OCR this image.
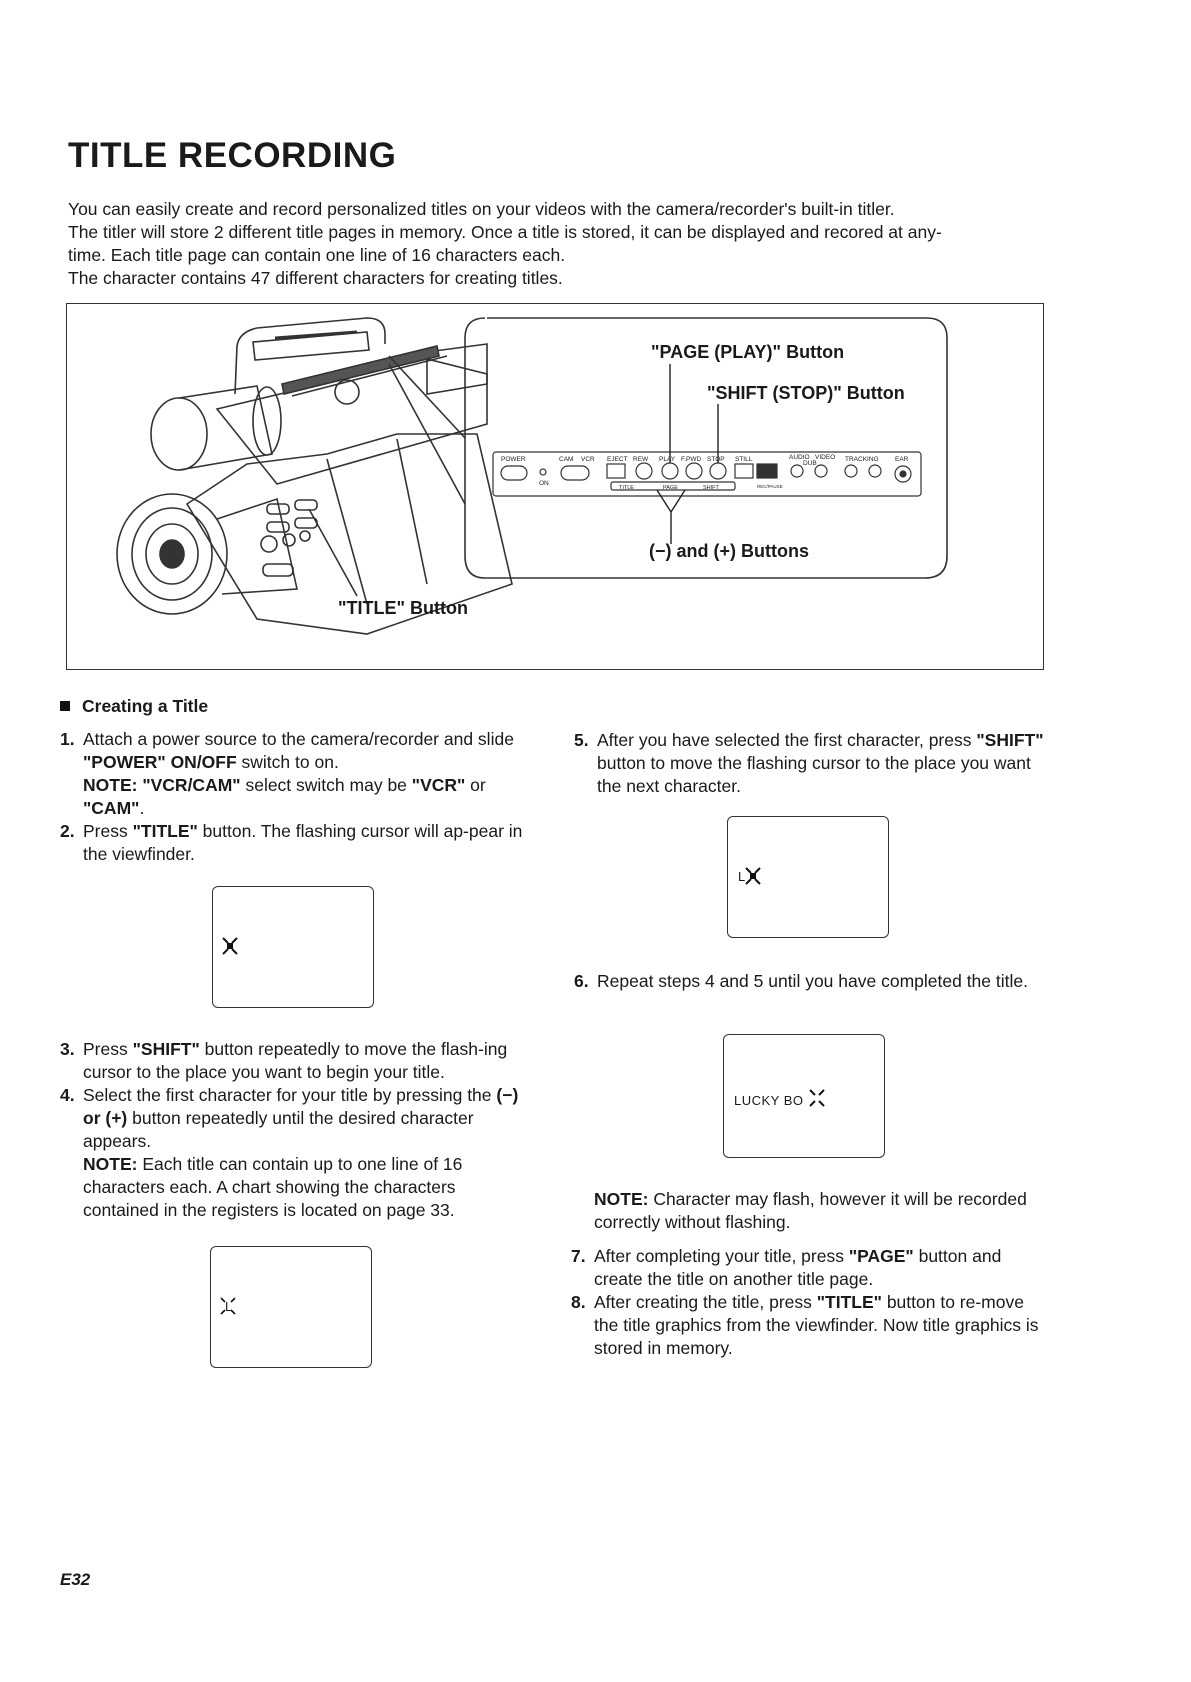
TITLE RECORDING
You can easily create and record personalized titles on your videos with the camera/recorder's built-in titler.
The titler will store 2 different title pages in memory. Once a title is stored, it can be displayed and recored at any-
time. Each title page can contain one line of 16 characters each.
The character contains 47 different characters for creating titles.
POWER	CAM VCR
ON
EJECT REW PLAY F.PWD STOP STILL	AUDIO VIDEO
DUB
TRACKING	EAR
REC/PAUSE
TITLE	PAGE	SHIFT
"PAGE (PLAY)" Button
"SHIFT (STOP)" Button
(−) and (+) Buttons
"TITLE" Button
Creating a Title
1. Attach a power source to the camera/recorder and slide "POWER" ON/OFF switch to on.
NOTE: "VCR/CAM" select switch may be "VCR" or "CAM".
2. Press "TITLE" button. The flashing cursor will ap-pear in the viewfinder.
3. Press "SHIFT" button repeatedly to move the flash-ing cursor to the place you want to begin your title.
4. Select the first character for your title by pressing the (−) or (+) button repeatedly until the desired character appears.
NOTE: Each title can contain up to one line of 16 characters each. A chart showing the characters contained in the registers is located on page 33.
L
5. After you have selected the first character, press "SHIFT" button to move the flashing cursor to the place you want the next character.
L
6. Repeat steps 4 and 5 until you have completed the title.
LUCKY BO
NOTE: Character may flash, however it will be recorded correctly without flashing.
7. After completing your title, press "PAGE" button and create the title on another title page.
8. After creating the title, press "TITLE" button to re-move the title graphics from the viewfinder. Now title graphics is stored in memory.
E32
